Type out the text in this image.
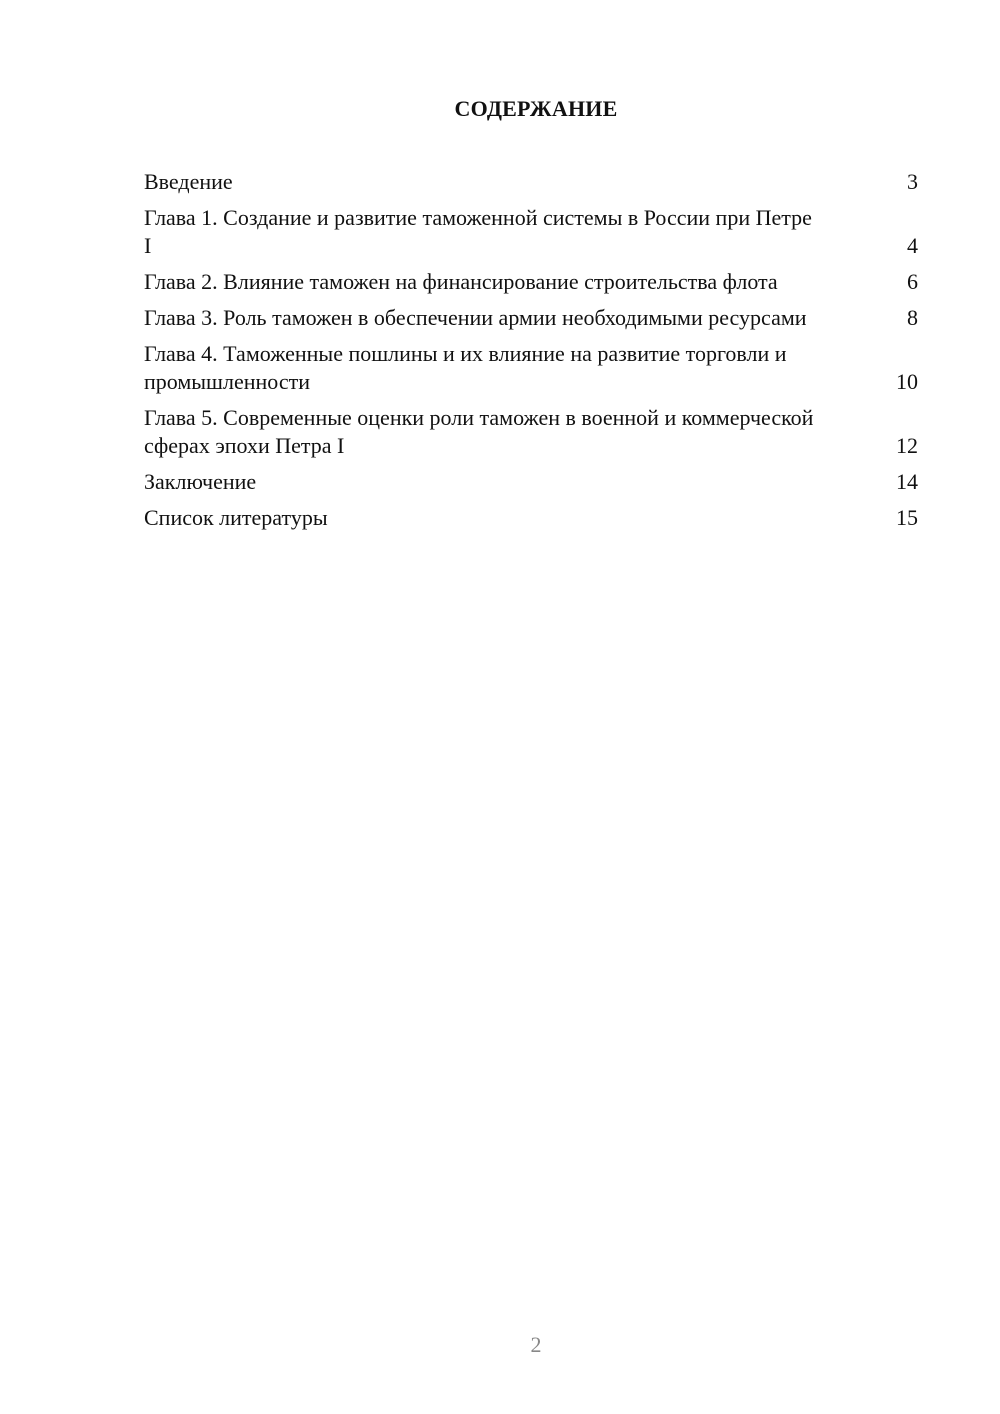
СОДЕРЖАНИЕ
Введение	3
Глава 1. Создание и развитие таможенной системы в России при Петре I	4
Глава 2. Влияние таможен на финансирование строительства флота	6
Глава 3. Роль таможен в обеспечении армии необходимыми ресурсами	8
Глава 4. Таможенные пошлины и их влияние на развитие торговли и промышленности	10
Глава 5. Современные оценки роли таможен в военной и коммерческой сферах эпохи Петра I	12
Заключение	14
Список литературы	15
2
